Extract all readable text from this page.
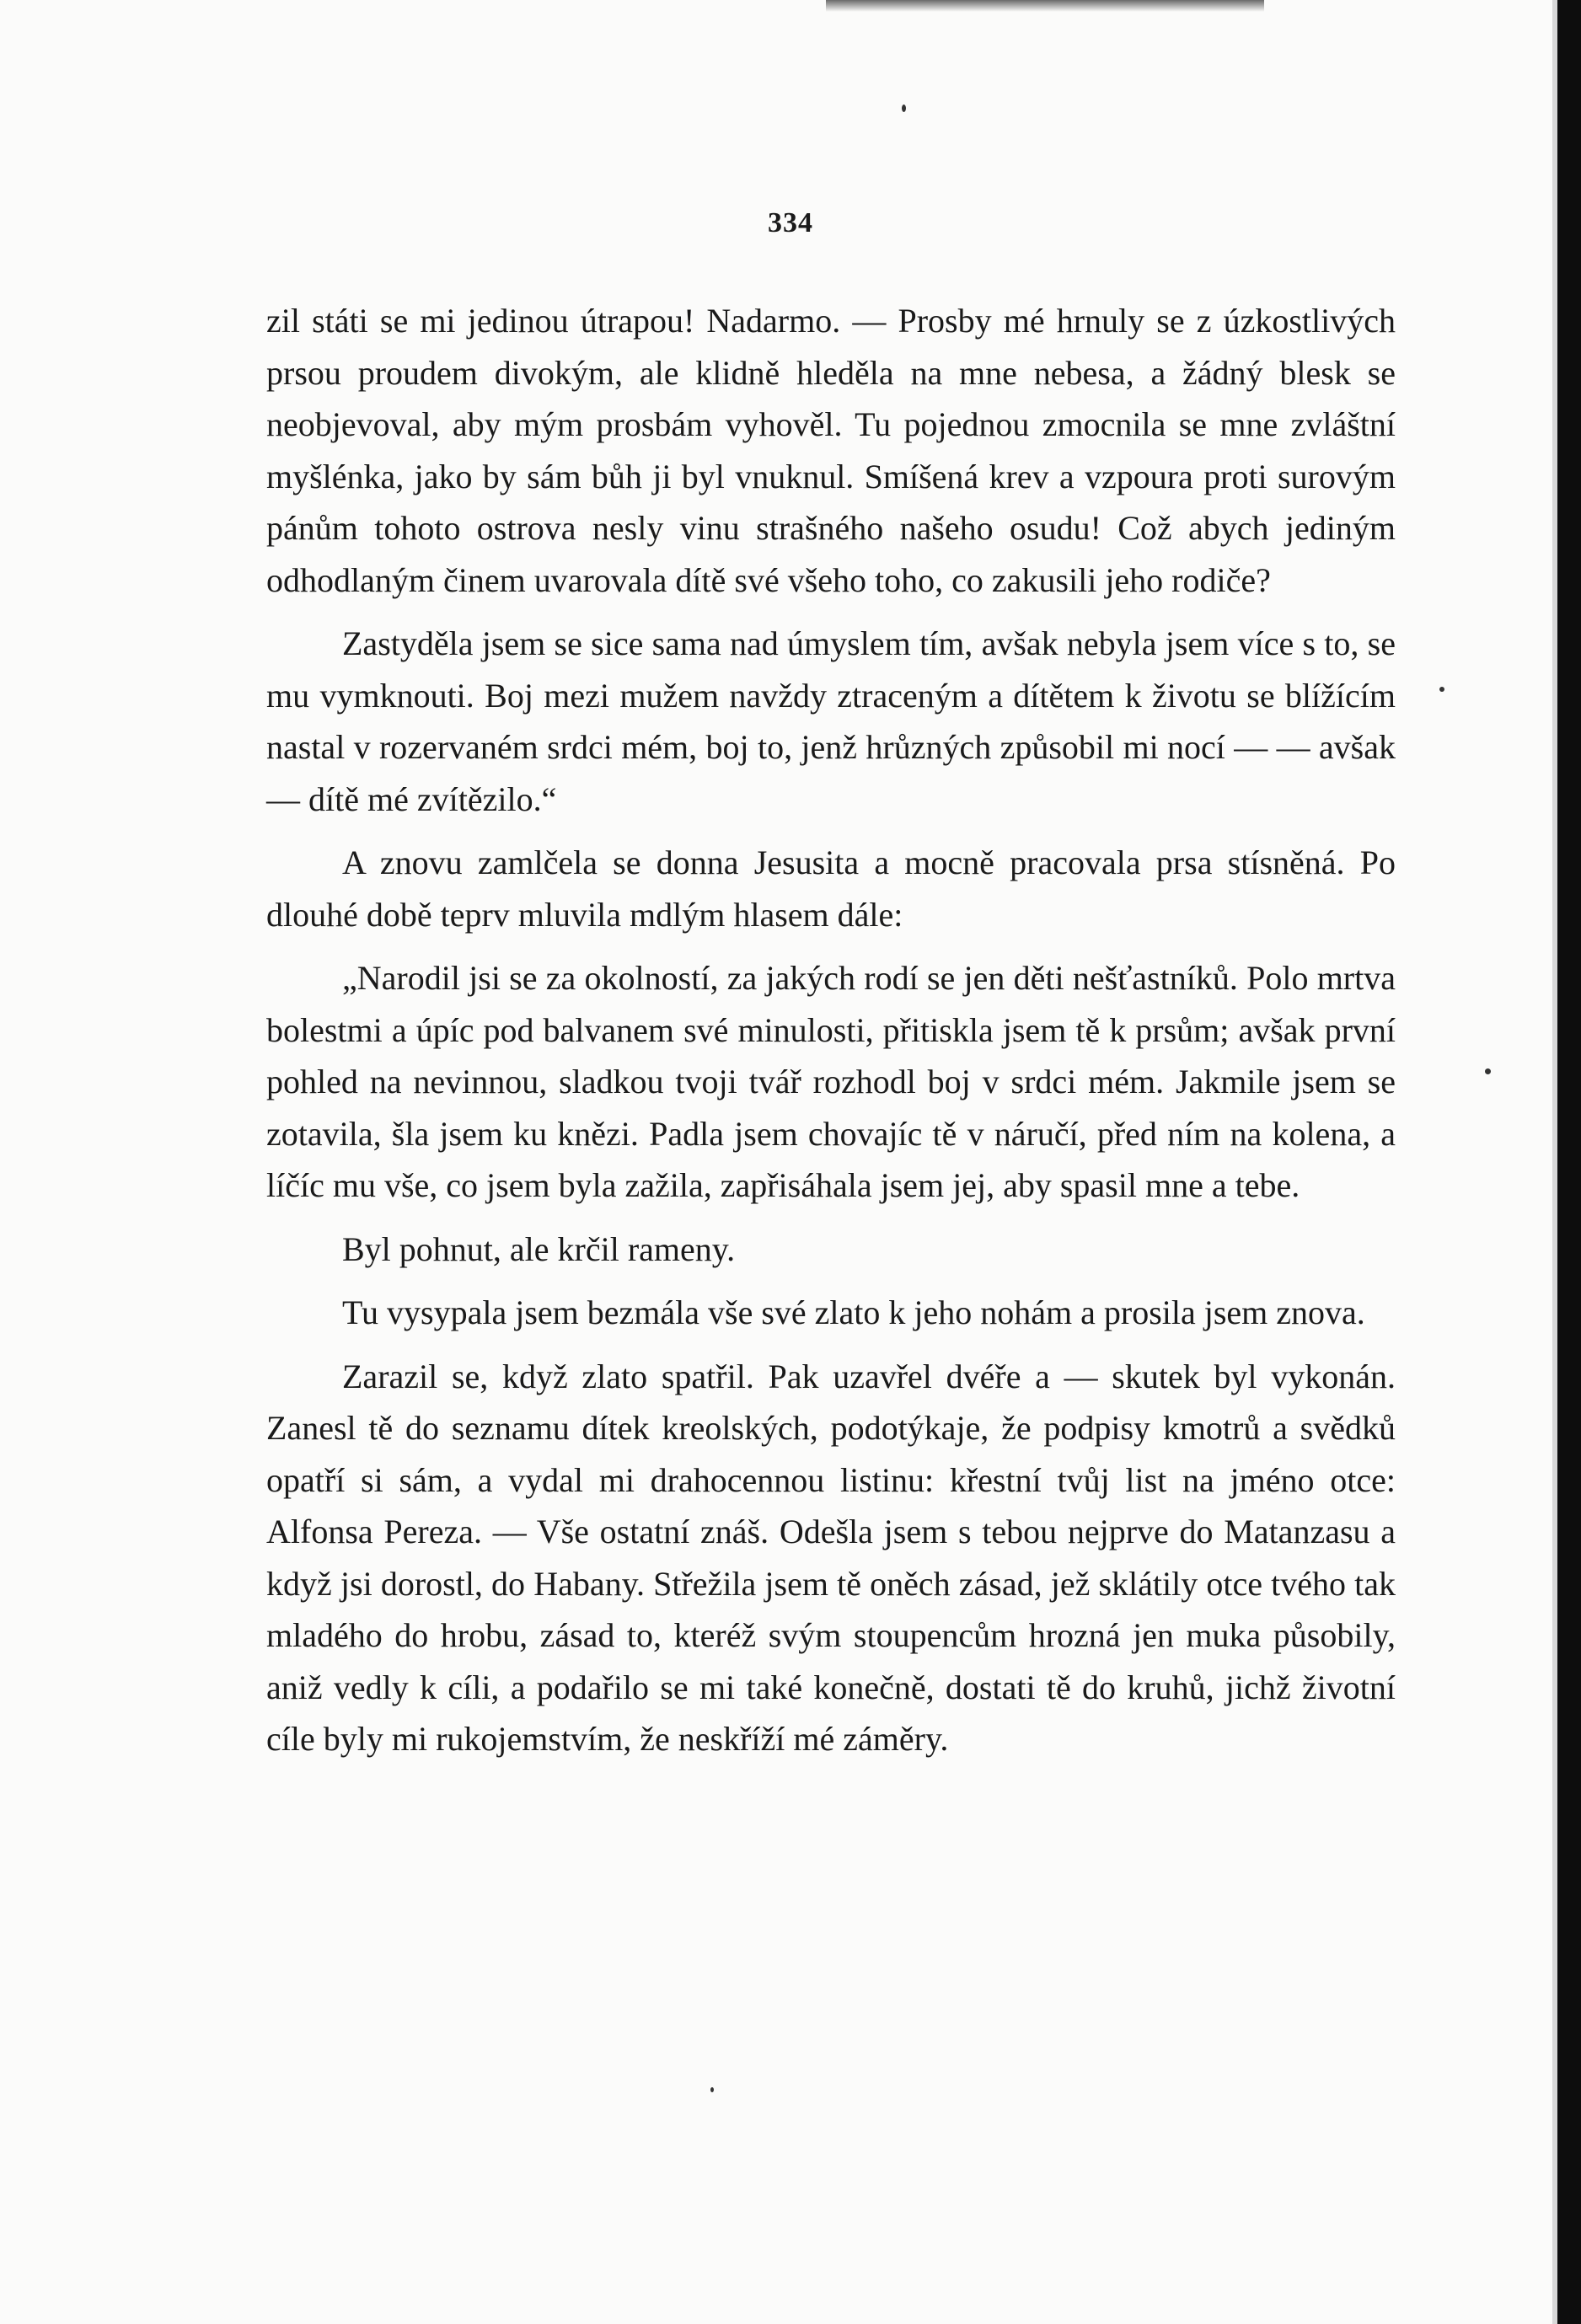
334

zil státi se mi jedinou útrapou! Nadarmo. — Prosby mé hrnuly se z úzkostlivých prsou proudem divokým, ale klidně hleděla na mne nebesa, a žádný blesk se neobjevoval, aby mým prosbám vyhověl. Tu pojednou zmocnila se mne zvláštní myšlénka, jako by sám bůh ji byl vnuknul. Smíšená krev a vzpoura proti surovým pánům tohoto ostrova nesly vinu strašného našeho osudu! Což abych jediným odhodlaným činem uvarovala dítě své všeho toho, co zakusili jeho rodiče?

Zastyděla jsem se sice sama nad úmyslem tím, avšak nebyla jsem více s to, se mu vymknouti. Boj mezi mužem navždy ztraceným a dítětem k životu se blížícím nastal v rozervaném srdci mém, boj to, jenž hrůzných způsobil mi nocí — — avšak — dítě mé zvítězilo.“

A znovu zamlčela se donna Jesusita a mocně pracovala prsa stísněná. Po dlouhé době teprv mluvila mdlým hlasem dále:

„Narodil jsi se za okolností, za jakých rodí se jen děti nešťastníků. Polo mrtva bolestmi a úpíc pod balvanem své minulosti, přitiskla jsem tě k prsům; avšak první pohled na nevinnou, sladkou tvoji tvář rozhodl boj v srdci mém. Jakmile jsem se zotavila, šla jsem ku knězi. Padla jsem chovajíc tě v náručí, před ním na kolena, a líčíc mu vše, co jsem byla zažila, zapřisáhala jsem jej, aby spasil mne a tebe.

Byl pohnut, ale krčil rameny.

Tu vysypala jsem bezmála vše své zlato k jeho nohám a prosila jsem znova.

Zarazil se, když zlato spatřil. Pak uzavřel dvéře a — skutek byl vykonán. Zanesl tě do seznamu dítek kreolských, podotýkaje, že podpisy kmotrů a svědků opatří si sám, a vydal mi drahocennou listinu: křestní tvůj list na jméno otce: Alfonsa Pereza. — Vše ostatní znáš. Odešla jsem s tebou nejprve do Matanzasu a když jsi dorostl, do Habany. Střežila jsem tě oněch zásad, jež sklátily otce tvého tak mladého do hrobu, zásad to, kteréž svým stoupencům hrozná jen muka působily, aniž vedly k cíli, a podařilo se mi také konečně, dostati tě do kruhů, jichž životní cíle byly mi rukojemstvím, že neskříží mé záměry.
